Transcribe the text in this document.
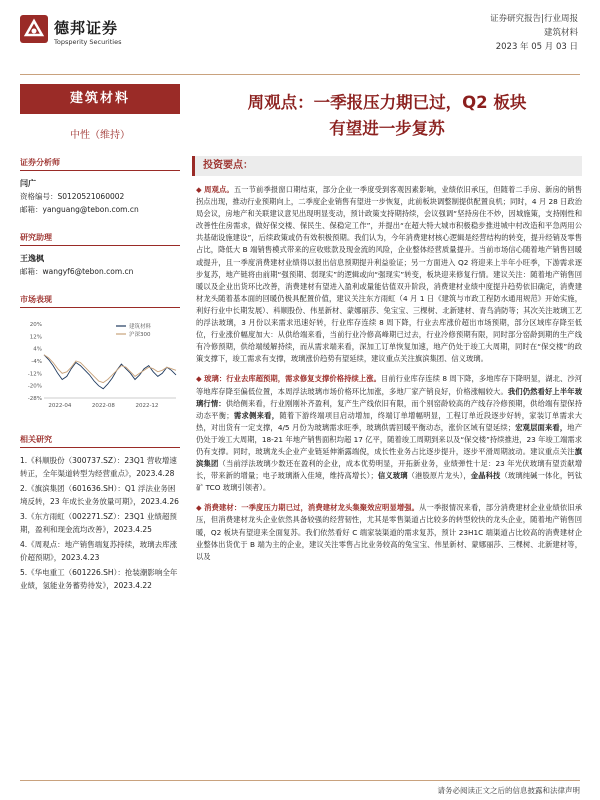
德邦证券
Topsperity Securities
证券研究报告|行业周报
建筑材料
2023 年 05 月 03 日
建筑材料
中性（维持）
证券分析师
闫广
资格编号：S0120521060002
邮箱：yanguang@tebon.com.cn
研究助理
王逸枫
邮箱：wangyf6@tebon.com.cn
市场表现
20%
12%
4%
-4%
-12%
-20%
-28%
2022-04	2022-08	2022-12
建筑材料
沪深300
相关研究
1.《科顺股份（300737.SZ）：23Q1 营收增速转正，全年渠道转型为经营重点》，2023.4.28
2.《旗滨集团（601636.SH）：Q1 浮法业务困境反转，23 年成长业务放量可期》，2023.4.26
3.《东方雨虹（002271.SZ）：23Q1 业绩超预期，盈利和现金流均改善》，2023.4.25
4.《周观点：地产销售端复苏持续，玻璃去库涨价超预期》，2023.4.23
5.《华电重工（601226.SH）：抢装潮影响全年业绩，氢能业务蓄势待发》，2023.4.22
周观点：一季报压力期已过，Q2 板块
有望进一步复苏
投资要点：

◆ 周观点。五一节前季报窗口期结束，部分企业一季度受到客观因素影响，业绩依旧承压，但随着二手房、新房的销售拐点出现，推动行业预期向上，二季度企业销售有望进一步恢复，此前板块调整制提供配置良机；同时，4 月 28 日政治局会议，房地产和关联建议意见出现明显变动，预计政策支持期持续，会议强调“坚持房住不炒，因城施策，支持刚性和改善性住房需求，做好保交楼、保民生、保稳定工作”，并提出“在超大特大城市积极稳步推进城中村改造和平急两用公共基础设施建设”，后续政策或仍有效积极预期。我们认为，今年消费建材核心逻辑是经营结构的转变，提升经销及零售占比，降低大 B 端销售模式带来的应收账款及现金流的风险，企业整体经营质量提升。当前市场信心随着地产销售回暖或提升，且一季度消费建材业绩得以报出信息预期提升利益验证；另一方面进入 Q2 将迎来上半年小旺季，下游需求逐步复苏，地产链将由前期“强预期、弱现实”的逻辑或向“强现实”转变，板块迎来修复行情。建议关注：随着地产销售回暖以及企业出货环比改善，消费建材有望进入盈利或量能估值双升阶段，消费建材业绩中度提升趋势依旧确定，消费建材龙头随着基本面的回暖仍极具配置价值，建议关注东方雨虹（4 月 1 日《建筑与市政工程防水通用规范》开始实施，利好行业中长期发展）、科顺股份、伟星新材、蒙娜丽莎、兔宝宝、三棵树、北新建材、青鸟消防等；其次关注玻璃工艺的浮法玻璃，3 月份以来需求迅速好转，行业库存连续 8 周下降，行业去库涨价超出市场预期，部分区域库存降至低位，行业涨价幅度加大：从供给端来看，当前行业冷修高峰期已过去，行业冷修预期有限，同时部分窑龄到期的生产线有冷修预期，供给端缓解持续，而从需求端来看，深加工订单恢复加速，地产仍处于竣工大周期，同时在“保交楼”的政策支撑下，竣工需求有支撑，玻璃涨价趋势有望延续，建议重点关注旗滨集团、信义玻璃。

◆ 玻璃：行业去库超预期，需求修复支撑价格持续上涨。目前行业库存连续 8 周下降，多地库存下降明显，湖北、沙河等地库存降至偏低位置，本周浮法玻璃市场价格环比加涨，多地厂家产销良好，价格涨幅较大。我们仍然看好上半年玻璃行情：供给侧来看，行业刚刚补齐盈利，复产生产线依旧有限，而个别窑龄较高的产线存冷修预期，供给端有望保持动态平衡；需求侧来看，随着下游终端项目启动增加，终端订单增幅明显，工程订单近段逐步好转，家装订单需求大热，对出货有一定支撑，4/5 月份为玻璃需求旺季，玻璃供需回暖平衡动态，涨价区域有望延续；宏观层面来看，地产仍处于竣工大周期，18-21 年地产销售面积均超 17 亿平，随着竣工周期到来以及“保交楼”持续推进，23 年竣工端需求仍有支撑。同时，玻璃龙头企业产业链延伸渐露端倪，成长性业务占比逐步提升，逐步平滑周期波动。建议重点关注旗滨集团（当前浮法玻璃少数还在盈利的企业，成本优势明显，开拓新业务，业绩弹性十足：23 年光伏玻璃有望贡献增长，带来新的增量；电子玻璃渐入佳境，维持高增长）；信义玻璃（港股原片龙头），金晶科技（玻璃纯碱一体化，钙钛矿 TCO 玻璃引领者）。

◆ 消费建材：一季度压力期已过，消费建材龙头集聚效应明显增强。从一季报情况来看，部分消费建材企业业绩依旧承压，但消费建材龙头企业依然具备较强的经营韧性，尤其是零售渠道占比较多的转型较快的龙头企业，随着地产销售回暖，Q2 板块有望迎来全面复苏。我们依然看好 C 端家装渠道的需求复苏，预计 23H1C 端渠道占比较高的消费建材企业整体出货优于 B 端为主的企业，建议关注零售占比业务较高的兔宝宝、伟星新材、蒙娜丽莎、三棵树、北新建材等，以及

请务必阅读正文之后的信息披露和法律声明
